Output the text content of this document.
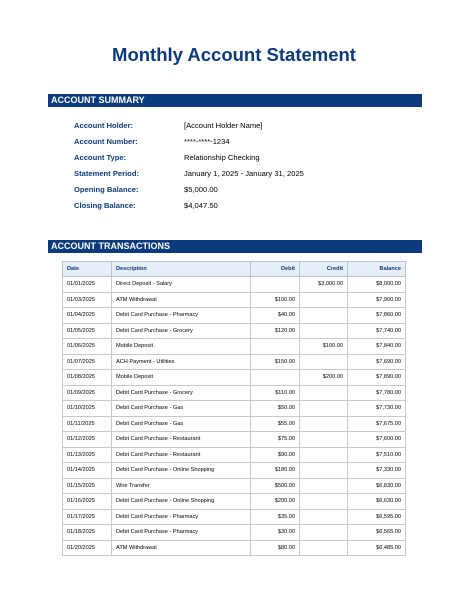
Monthly Account Statement
ACCOUNT SUMMARY
Account Holder:	[Account Holder Name]
Account Number:	****-****-1234
Account Type:	Relationship Checking
Statement Period:	January 1, 2025 - January 31, 2025
Opening Balance:	$5,000.00
Closing Balance:	$4,047.50
ACCOUNT TRANSACTIONS
Date	Description	Debit	Credit	Balance
01/01/2025	Direct Deposit - Salary		$3,000.00	$8,000.00
01/03/2025	ATM Withdrawal	$100.00		$7,900.00
01/04/2025	Debit Card Purchase - Pharmacy	$40.00		$7,860.00
01/05/2025	Debit Card Purchase - Grocery	$120.00		$7,740.00
01/06/2025	Mobile Deposit		$100.00	$7,840.00
01/07/2025	ACH Payment - Utilities	$150.00		$7,690.00
01/08/2025	Mobile Deposit		$200.00	$7,890.00
01/09/2025	Debit Card Purchase - Grocery	$110.00		$7,780.00
01/10/2025	Debit Card Purchase - Gas	$50.00		$7,730.00
01/11/2025	Debit Card Purchase - Gas	$55.00		$7,675.00
01/12/2025	Debit Card Purchase - Restaurant	$75.00		$7,600.00
01/13/2025	Debit Card Purchase - Restaurant	$90.00		$7,510.00
01/14/2025	Debit Card Purchase - Online Shopping	$180.00		$7,330.00
01/15/2025	Wire Transfer	$500.00		$6,830.00
01/16/2025	Debit Card Purchase - Online Shopping	$200.00		$6,630.00
01/17/2025	Debit Card Purchase - Pharmacy	$35.00		$6,595.00
01/18/2025	Debit Card Purchase - Pharmacy	$30.00		$6,565.00
01/20/2025	ATM Withdrawal	$80.00		$6,485.00
